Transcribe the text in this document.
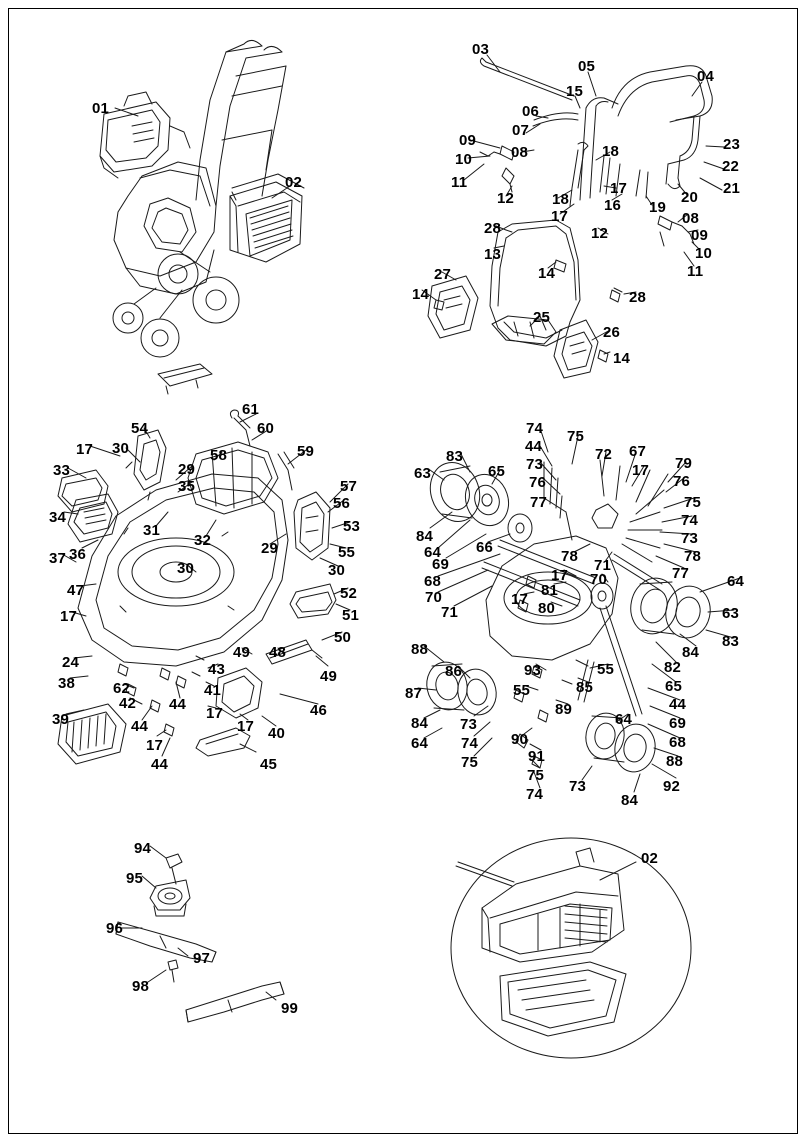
01
02
03
05
04
15
06
07
23
09
08	18
22
10
21
17
20
11
12	18	19
16
17	08
28	12	09
13	10
14	11
27
28
14
25
26
14
61
60
54
17 30	58	59
33	29
35	57
34
56
53
31
32	29	55
36
30
37
30
52
47
51
17
50
49 48
24
38
43	49
62	41
42 44
17	46
39	44	17 40
17
44	45
74 75
44	72 67
83	73	17 79
63	65
76	76
75
77
74
84	73
66
64
69	78	78
68
71	77
70
17
81
70	64
71
17
80	63
84
83
88
86	93	55	82
85	65
87	55
44
89
69
84 73	64
68
64 74 90
75	91	88
75
92
73
74	84
94
95
96
97
98
99
02
